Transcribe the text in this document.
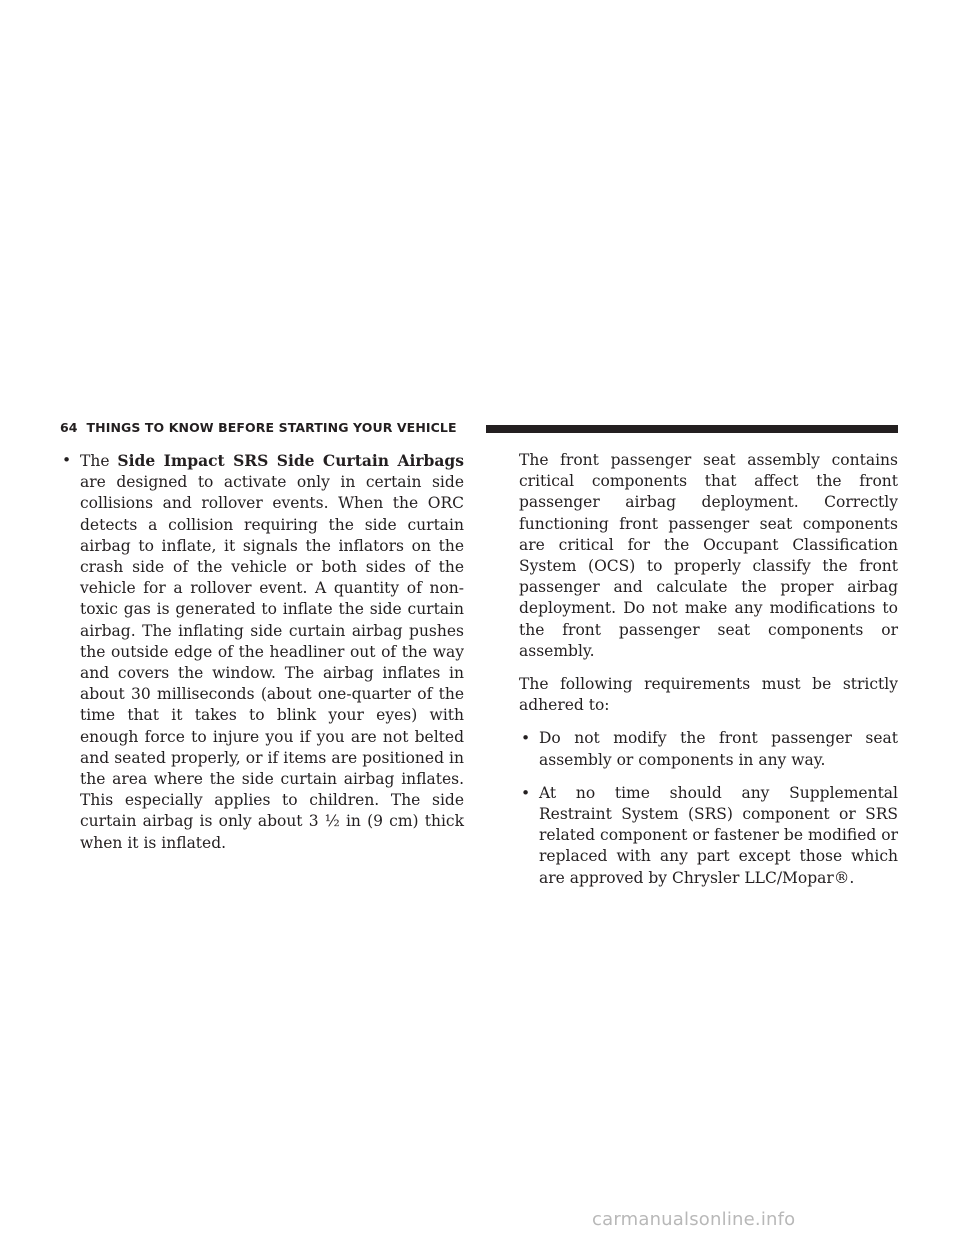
64 THINGS TO KNOW BEFORE STARTING YOUR VEHICLE
• The Side Impact SRS Side Curtain Airbags are designed to activate only in certain side collisions and rollover events. When the ORC detects a collision requiring the side curtain airbag to inflate, it signals the inflators on the crash side of the vehicle or both sides of the vehicle for a rollover event. A quantity of non-toxic gas is generated to inflate the side curtain airbag. The inflating side curtain airbag pushes the outside edge of the headliner out of the way and covers the window. The airbag inflates in about 30 milliseconds (about one-quarter of the time that it takes to blink your eyes) with enough force to injure you if you are not belted and seated properly, or if items are positioned in the area where the side curtain airbag inflates. This especially applies to children. The side curtain airbag is only about 3 ½ in (9 cm) thick when it is inflated.

The front passenger seat assembly contains critical components that affect the front passenger airbag deployment. Correctly functioning front passenger seat components are critical for the Occupant Classification System (OCS) to properly classify the front passenger and calculate the proper airbag deployment. Do not make any modifications to the front passenger seat components or assembly.

The following requirements must be strictly adhered to:

• Do not modify the front passenger seat assembly or components in any way.

• At no time should any Supplemental Restraint System (SRS) component or SRS related component or fastener be modified or replaced with any part except those which are approved by Chrysler LLC/Mopar®.

carmanualsonline.info
